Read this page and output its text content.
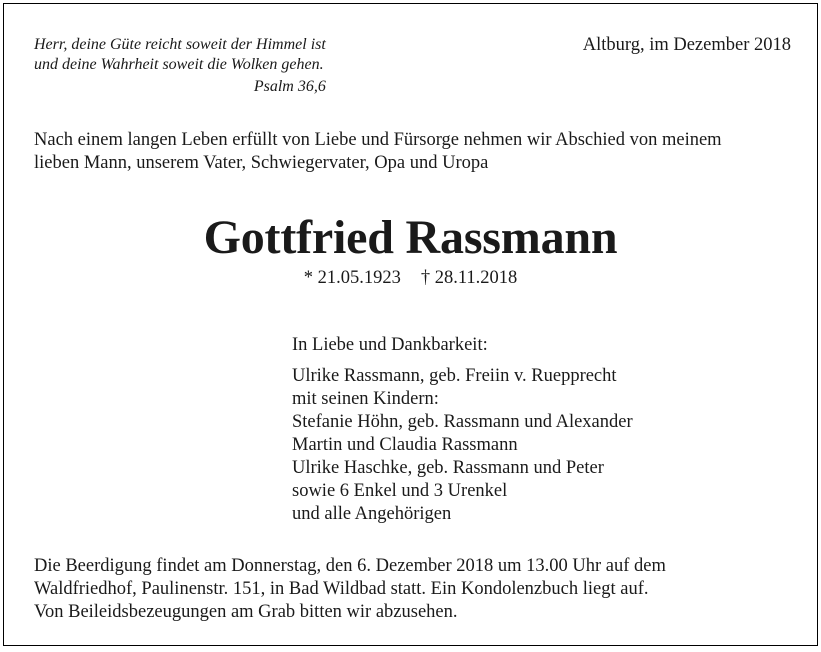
Herr, deine Güte reicht soweit der Himmel ist
und deine Wahrheit soweit die Wolken gehen.
Psalm 36,6
Altburg, im Dezember 2018
Nach einem langen Leben erfüllt von Liebe und Fürsorge nehmen wir Abschied von meinem
lieben Mann, unserem Vater, Schwiegervater, Opa und Uropa
Gottfried Rassmann
* 21.05.1923 † 28.11.2018
In Liebe und Dankbarkeit:
Ulrike Rassmann, geb. Freiin v. Ruepprecht
mit seinen Kindern:
Stefanie Höhn, geb. Rassmann und Alexander
Martin und Claudia Rassmann
Ulrike Haschke, geb. Rassmann und Peter
sowie 6 Enkel und 3 Urenkel
und alle Angehörigen
Die Beerdigung findet am Donnerstag, den 6. Dezember 2018 um 13.00 Uhr auf dem
Waldfriedhof, Paulinenstr. 151, in Bad Wildbad statt. Ein Kondolenzbuch liegt auf.
Von Beileidsbezeugungen am Grab bitten wir abzusehen.
